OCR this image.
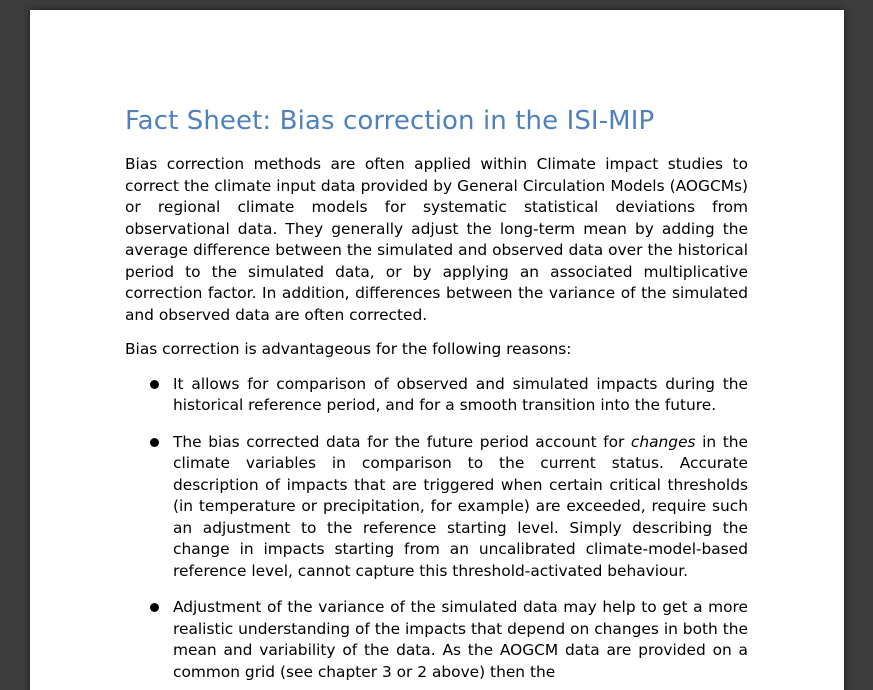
Fact Sheet: Bias correction in the ISI-MIP

Bias correction methods are often applied within Climate impact studies to correct the climate input data provided by General Circulation Models (AOGCMs) or regional climate models for systematic statistical deviations from observational data. They generally adjust the long-term mean by adding the average difference between the simulated and observed data over the historical period to the simulated data, or by applying an associated multiplicative correction factor. In addition, differences between the variance of the simulated and observed data are often corrected.

Bias correction is advantageous for the following reasons:

It allows for comparison of observed and simulated impacts during the historical reference period, and for a smooth transition into the future.
The bias corrected data for the future period account for changes in the climate variables in comparison to the current status. Accurate description of impacts that are triggered when certain critical thresholds (in temperature or precipitation, for example) are exceeded, require such an adjustment to the reference starting level. Simply describing the change in impacts starting from an uncalibrated climate-model-based reference level, cannot capture this threshold-activated behaviour.
Adjustment of the variance of the simulated data may help to get a more realistic understanding of the impacts that depend on changes in both the mean and variability of the data. As the AOGCM data are provided on a common grid (see chapter 3 or 2 above) then the
